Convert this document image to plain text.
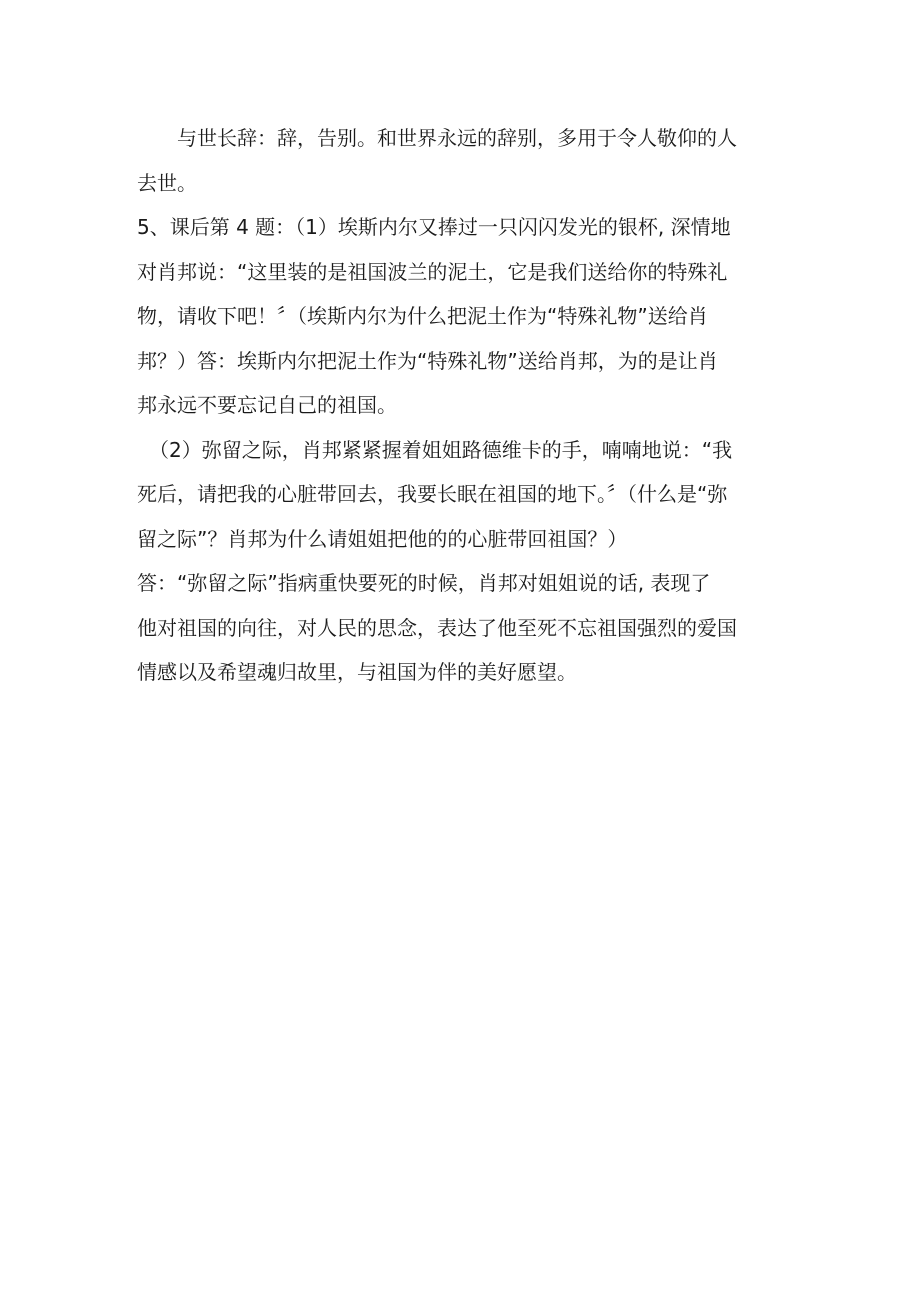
与世长辞：辞，告别。和世界永远的辞别，多用于令人敬仰的人
去世。
5、课后第 4 题：（1）埃斯内尔又捧过一只闪闪发光的银杯, 深情地
对肖邦说：“这里装的是祖国波兰的泥土，它是我们送给你的特殊礼
物，请收下吧！〞（埃斯内尔为什么把泥土作为“特殊礼物”送给肖
邦？）答：埃斯内尔把泥土作为“特殊礼物”送给肖邦，为的是让肖
邦永远不要忘记自己的祖国。
（2）弥留之际，肖邦紧紧握着姐姐路德维卡的手，喃喃地说：“我
死后，请把我的心脏带回去，我要长眠在祖国的地下。〞（什么是“弥
留之际”？肖邦为什么请姐姐把他的的心脏带回祖国？）
答：“弥留之际”指病重快要死的时候，肖邦对姐姐说的话, 表现了
他对祖国的向往，对人民的思念，表达了他至死不忘祖国强烈的爱国
情感以及希望魂归故里，与祖国为伴的美好愿望。
